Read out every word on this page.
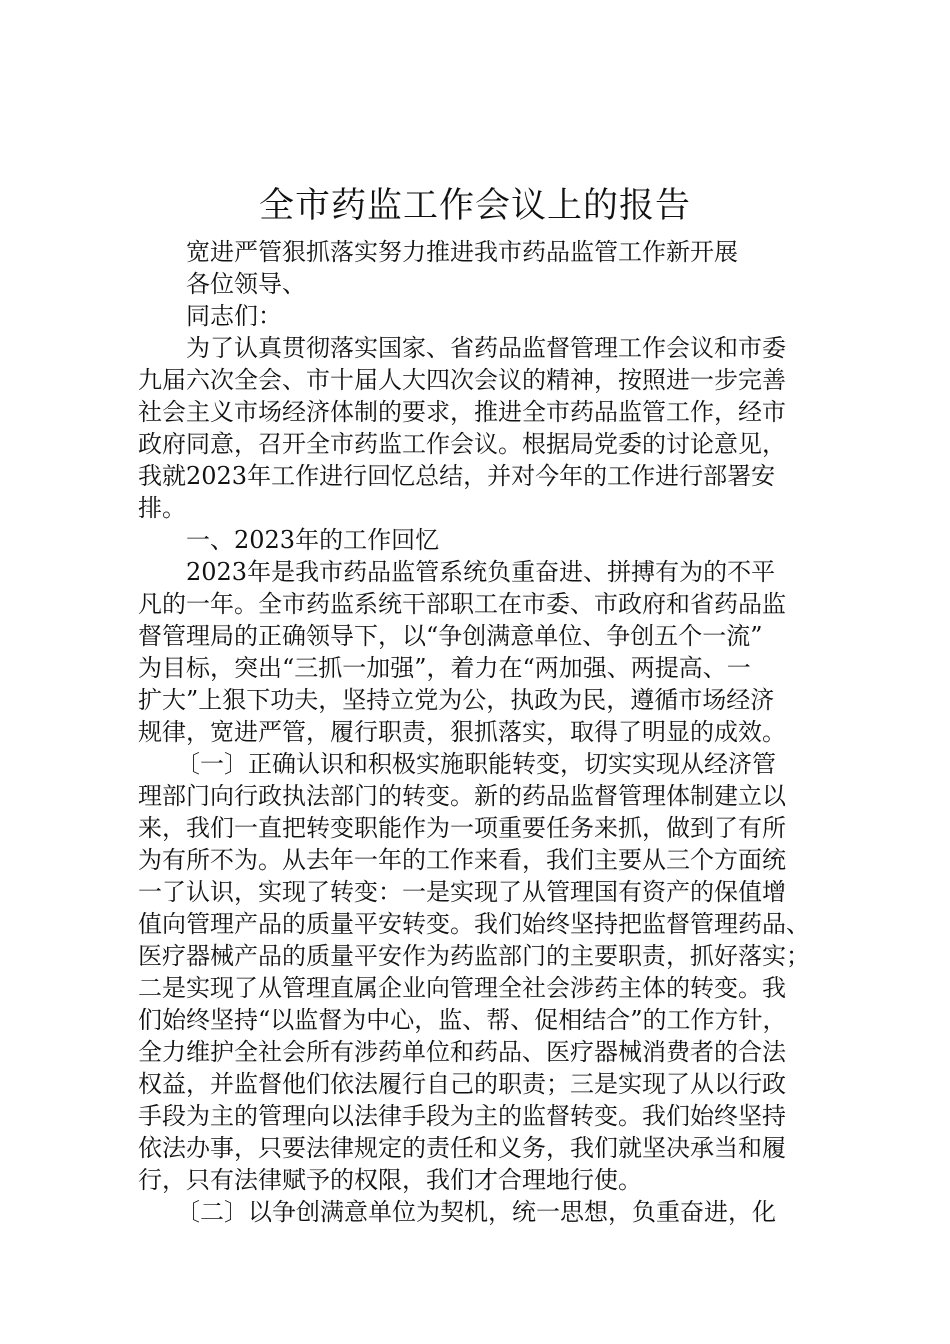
全市药监工作会议上的报告
宽进严管狠抓落实努力推进我市药品监管工作新开展
各位领导、
同志们：
为了认真贯彻落实国家、省药品监督管理工作会议和市委
九届六次全会、市十届人大四次会议的精神，按照进一步完善
社会主义市场经济体制的要求，推进全市药品监管工作，经市
政府同意，召开全市药监工作会议。根据局党委的讨论意见，
我就2023年工作进行回忆总结，并对今年的工作进行部署安
排。
一、2023年的工作回忆
2023年是我市药品监管系统负重奋进、拼搏有为的不平
凡的一年。全市药监系统干部职工在市委、市政府和省药品监
督管理局的正确领导下，以“争创满意单位、争创五个一流”
为目标，突出“三抓一加强”，着力在“两加强、两提高、一
扩大”上狠下功夫，坚持立党为公，执政为民，遵循市场经济
规律，宽进严管，履行职责，狠抓落实，取得了明显的成效。
〔一〕正确认识和积极实施职能转变，切实实现从经济管
理部门向行政执法部门的转变。新的药品监督管理体制建立以
来，我们一直把转变职能作为一项重要任务来抓，做到了有所
为有所不为。从去年一年的工作来看，我们主要从三个方面统
一了认识，实现了转变：一是实现了从管理国有资产的保值增
值向管理产品的质量平安转变。我们始终坚持把监督管理药品、
医疗器械产品的质量平安作为药监部门的主要职责，抓好落实；
二是实现了从管理直属企业向管理全社会涉药主体的转变。我
们始终坚持“以监督为中心，监、帮、促相结合”的工作方针，
全力维护全社会所有涉药单位和药品、医疗器械消费者的合法
权益，并监督他们依法履行自己的职责；三是实现了从以行政
手段为主的管理向以法律手段为主的监督转变。我们始终坚持
依法办事，只要法律规定的责任和义务，我们就坚决承当和履
行，只有法律赋予的权限，我们才合理地行使。
〔二〕以争创满意单位为契机，统一思想，负重奋进，化
